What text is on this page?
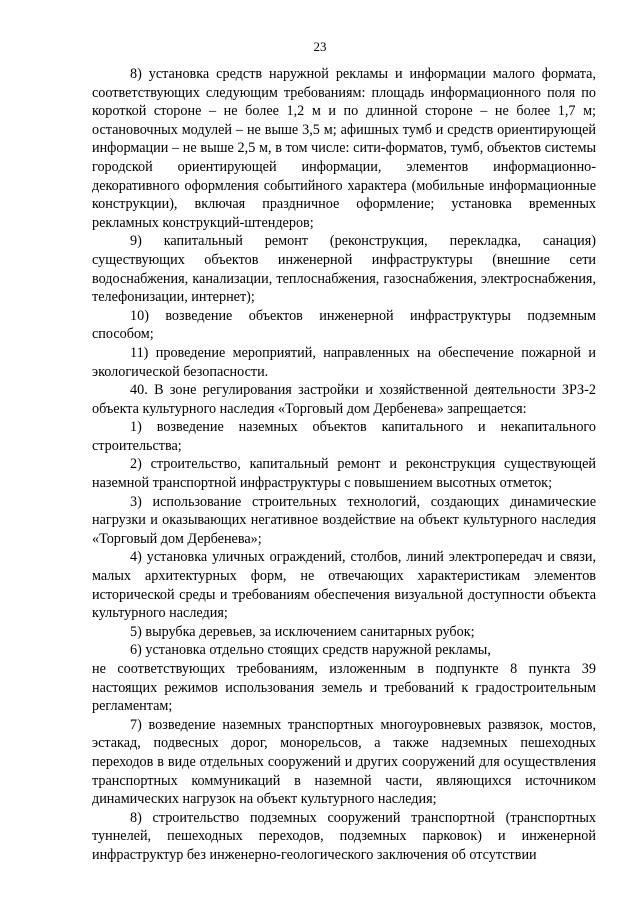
23

8) установка средств наружной рекламы и информации малого формата, соответствующих следующим требованиям: площадь информационного поля по короткой стороне – не более 1,2 м и по длинной стороне – не более 1,7 м; остановочных модулей – не выше 3,5 м; афишных тумб и средств ориентирующей информации – не выше 2,5 м, в том числе: сити-форматов, тумб, объектов системы городской ориентирующей информации, элементов информационно-декоративного оформления событийного характера (мобильные информационные конструкции), включая праздничное оформление; установка временных рекламных конструкций-штендеров;

9) капитальный ремонт (реконструкция, перекладка, санация) существующих объектов инженерной инфраструктуры (внешние сети водоснабжения, канализации, теплоснабжения, газоснабжения, электроснабжения, телефонизации, интернет);

10) возведение объектов инженерной инфраструктуры подземным способом;

11) проведение мероприятий, направленных на обеспечение пожарной и экологической безопасности.

40. В зоне регулирования застройки и хозяйственной деятельности ЗРЗ-2 объекта культурного наследия «Торговый дом Дербенева» запрещается:

1) возведение наземных объектов капитального и некапитального строительства;

2) строительство, капитальный ремонт и реконструкция существующей наземной транспортной инфраструктуры с повышением высотных отметок;

3) использование строительных технологий, создающих динамические нагрузки и оказывающих негативное воздействие на объект культурного наследия «Торговый дом Дербенева»;

4) установка уличных ограждений, столбов, линий электропередач и связи, малых архитектурных форм, не отвечающих характеристикам элементов исторической среды и требованиям обеспечения визуальной доступности объекта культурного наследия;

5) вырубка деревьев, за исключением санитарных рубок;

6) установка отдельно стоящих средств наружной рекламы,

не соответствующих требованиям, изложенным в подпункте 8 пункта 39 настоящих режимов использования земель и требований к градостроительным регламентам;

7) возведение наземных транспортных многоуровневых развязок, мостов, эстакад, подвесных дорог, монорельсов, а также надземных пешеходных переходов в виде отдельных сооружений и других сооружений для осуществления транспортных коммуникаций в наземной части, являющихся источником динамических нагрузок на объект культурного наследия;

8) строительство подземных сооружений транспортной (транспортных туннелей, пешеходных переходов, подземных парковок) и инженерной инфраструктур без инженерно-геологического заключения об отсутствии
